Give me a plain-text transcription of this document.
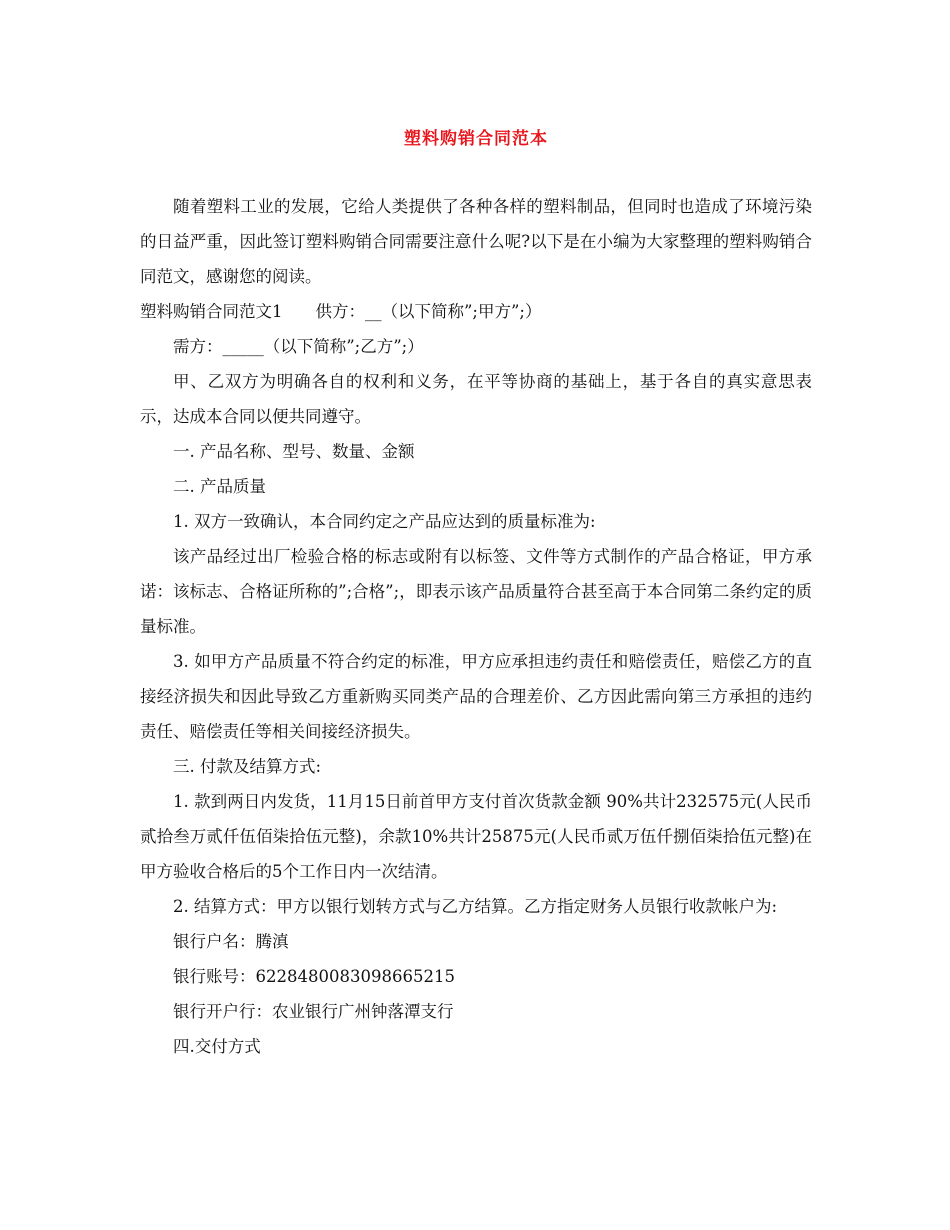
塑料购销合同范本

随着塑料工业的发展，它给人类提供了各种各样的塑料制品，但同时也造成了环境污染的日益严重，因此签订塑料购销合同需要注意什么呢?以下是在小编为大家整理的塑料购销合同范文，感谢您的阅读。

塑料购销合同范文1　　供方：__（以下简称”;甲方”;）

需方：_____（以下简称”;乙方”;）

甲、乙双方为明确各自的权利和义务，在平等协商的基础上，基于各自的真实意思表示，达成本合同以便共同遵守。

一. 产品名称、型号、数量、金额

二. 产品质量

1. 双方一致确认，本合同约定之产品应达到的质量标准为:

该产品经过出厂检验合格的标志或附有以标签、文件等方式制作的产品合格证，甲方承诺：该标志、合格证所称的”;合格”;，即表示该产品质量符合甚至高于本合同第二条约定的质量标准。

3. 如甲方产品质量不符合约定的标准，甲方应承担违约责任和赔偿责任，赔偿乙方的直接经济损失和因此导致乙方重新购买同类产品的合理差价、乙方因此需向第三方承担的违约责任、赔偿责任等相关间接经济损失。

三. 付款及结算方式:

1. 款到两日内发货，11月15日前首甲方支付首次货款金额 90%共计232575元(人民币贰拾叁万贰仟伍佰柒拾伍元整)，余款10%共计25875元(人民币贰万伍仟捌佰柒拾伍元整)在甲方验收合格后的5个工作日内一次结清。

2. 结算方式：甲方以银行划转方式与乙方结算。乙方指定财务人员银行收款帐户为:

银行户名：腾滇

银行账号：6228480083098665215

银行开户行：农业银行广州钟落潭支行

四.交付方式
